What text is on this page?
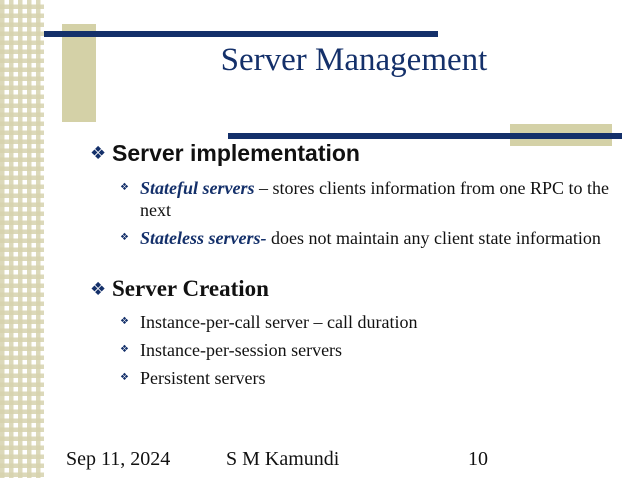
Server Management
❖ Server implementation
❖ Stateful servers – stores clients information from one RPC to the next
❖ Stateless servers- does not maintain any client state information
❖ Server Creation
❖ Instance-per-call server – call duration
❖ Instance-per-session servers
❖ Persistent servers
Sep 11, 2024	S M Kamundi	10
